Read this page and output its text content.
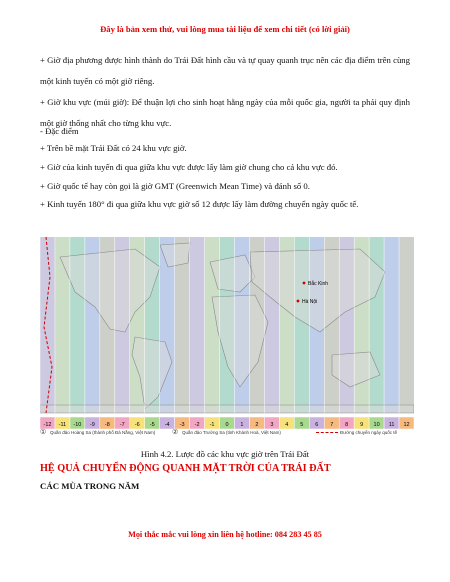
Đây là bản xem thử, vui lòng mua tài liệu để xem chi tiết (có lời giải)
+ Giờ địa phương được hình thành do Trái Đất hình cầu và tự quay quanh trục nên các địa điểm trên cùng một kinh tuyến có một giờ riêng.
+ Giờ khu vực (múi giờ): Để thuận lợi cho sinh hoạt hằng ngày của mỗi quốc gia, người ta phải quy định một giờ thống nhất cho từng khu vực.
- Đặc điểm
+ Trên bề mặt Trái Đất có 24 khu vực giờ.
+ Giờ của kinh tuyến đi qua giữa khu vực được lấy làm giờ chung cho cả khu vực đó.
+ Giờ quốc tế hay còn gọi là giờ GMT (Greenwich Mean Time) và đánh số 0.
+ Kinh tuyến 180° đi qua giữa khu vực giờ số 12 được lấy làm đường chuyển ngày quốc tế.
Bắc Kinh
Hà Nội
-12 -11 -10 -9 -8 -7 -6 -5 -4 -3 -2 -1 0 1 2 3 4 5 6 7 8 9 10 11 12
① Quần đảo Hoàng Sa (thành phố Đà Nẵng, Việt Nam)	② Quần đảo Trường Sa (tỉnh Khánh Hoà, Việt Nam)	Đường chuyển ngày quốc tế
Hình 4.2. Lược đồ các khu vực giờ trên Trái Đất
HỆ QUẢ CHUYỂN ĐỘNG QUANH MẶT TRỜI CỦA TRÁI ĐẤT
CÁC MÙA TRONG NĂM
Mọi thắc mắc vui lòng xin liên hệ hotline: 084 283 45 85
